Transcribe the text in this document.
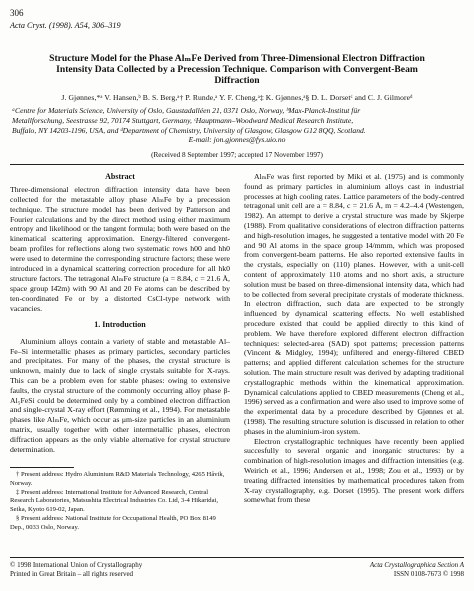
306
Acta Cryst. (1998). A54, 306–319
Structure Model for the Phase AlₘFe Derived from Three-Dimensional Electron Diffraction
Intensity Data Collected by a Precession Technique. Comparison with Convergent-Beam
Diffraction
J. Gjønnes,*ᵃ V. Hansen,ᵇ B. S. Berg,ᵃ† P. Runde,ᵃ Y. F. Cheng,ᵃ‡ K. Gjønnes,ᵃ§ D. L. Dorsetᶜ and C. J. Gilmoreᵈ
ᵃCentre for Materials Science, University of Oslo, Gaustadalléen 21, 0371 Oslo, Norway, ᵇMax-Planck-Institut für
Metallforschung, Seestrasse 92, 70174 Stuttgart, Germany, ᶜHauptmann–Woodward Medical Research Institute,
Buffalo, NY 14203-1196, USA, and ᵈDepartment of Chemistry, University of Glasgow, Glasgow G12 8QQ, Scotland.
E-mail: jon.gjonnes@fys.uio.no
(Received 8 September 1997; accepted 17 November 1997)
Abstract

Three-dimensional electron diffraction intensity data have been collected for the metastable alloy phase AlₘFe by a precession technique. The structure model has been derived by Patterson and Fourier calculations and by the direct method using either maximum entropy and likelihood or the tangent formula; both were based on the kinematical scattering approximation. Energy-filtered convergent-beam profiles for reflections along two systematic rows h00 and hh0 were used to determine the corresponding structure factors; these were introduced in a dynamical scattering correction procedure for all hk0 structure factors. The tetragonal AlₘFe structure (a = 8.84, c = 21.6 Å, space group I4̄2m) with 90 Al and 20 Fe atoms can be described by ten-coordinated Fe or by a distorted CsCl-type network with vacancies.

1. Introduction

Aluminium alloys contain a variety of stable and metastable Al–Fe–Si intermetallic phases as primary particles, secondary particles and precipitates. For many of the phases, the crystal structure is unknown, mainly due to lack of single crystals suitable for X-rays. This can be a problem even for stable phases: owing to extensive faults, the crystal structure of the commonly occurring alloy phase β-Al₅FeSi could be determined only by a combined electron diffraction and single-crystal X-ray effort (Rømming et al., 1994). For metastable phases like AlₘFe, which occur as μm-size particles in an aluminium matrix, usually together with other intermetallic phases, electron diffraction appears as the only viable alternative for crystal structure determination.

† Present address: Hydro Aluminium R&D Materials Technology, 4265 Håvik, Norway.

‡ Present address: International Institute for Advanced Research, Central Research Laboratories, Matsushita Electrical Industries Co. Ltd, 3-4 Hikaridai, Seika, Kyoto 619-02, Japan.

§ Present address: National Institute for Occupational Health, PO Box 8149 Dep., 0033 Oslo, Norway.

AlₘFe was first reported by Miki et al. (1975) and is commonly found as primary particles in aluminium alloys cast in industrial processes at high cooling rates. Lattice parameters of the body-centred tetragonal unit cell are a = 8.84, c = 21.6 Å, m = 4.2–4.4 (Westengen, 1982). An attempt to derive a crystal structure was made by Skjerpe (1988). From qualitative considerations of electron diffraction patterns and high-resolution images, he suggested a tentative model with 20 Fe and 90 Al atoms in the space group I4/mmm, which was proposed from convergent-beam patterns. He also reported extensive faults in the crystals, especially on (110) planes. However, with a unit-cell content of approximately 110 atoms and no short axis, a structure solution must be based on three-dimensional intensity data, which had to be collected from several precipitate crystals of moderate thickness. In electron diffraction, such data are expected to be strongly influenced by dynamical scattering effects. No well established procedure existed that could be applied directly to this kind of problem. We have therefore explored different electron diffraction techniques: selected-area (SAD) spot patterns; precession patterns (Vincent & Midgley, 1994); unfiltered and energy-filtered CBED patterns; and applied different calculation schemes for the structure solution. The main structure result was derived by adapting traditional crystallographic methods within the kinematical approximation. Dynamical calculations applied to CBED measurements (Cheng et al., 1996) served as a confirmation and were also used to improve some of the experimental data by a procedure described by Gjønnes et al. (1998). The resulting structure solution is discussed in relation to other phases in the aluminium-iron system.

Electron crystallographic techniques have recently been applied succesfully to several organic and inorganic structures: by a combination of high-resolution images and diffraction intensities (e.g. Weirich et al., 1996; Andersen et al., 1998; Zou et al., 1993) or by treating diffracted intensities by mathematical procedures taken from X-ray crystallography, e.g. Dorset (1995). The present work differs somewhat from these

© 1998 International Union of Crystallography
Printed in Great Britain – all rights reserved
Acta Crystallographica Section A
ISSN 0108-7673 © 1998
